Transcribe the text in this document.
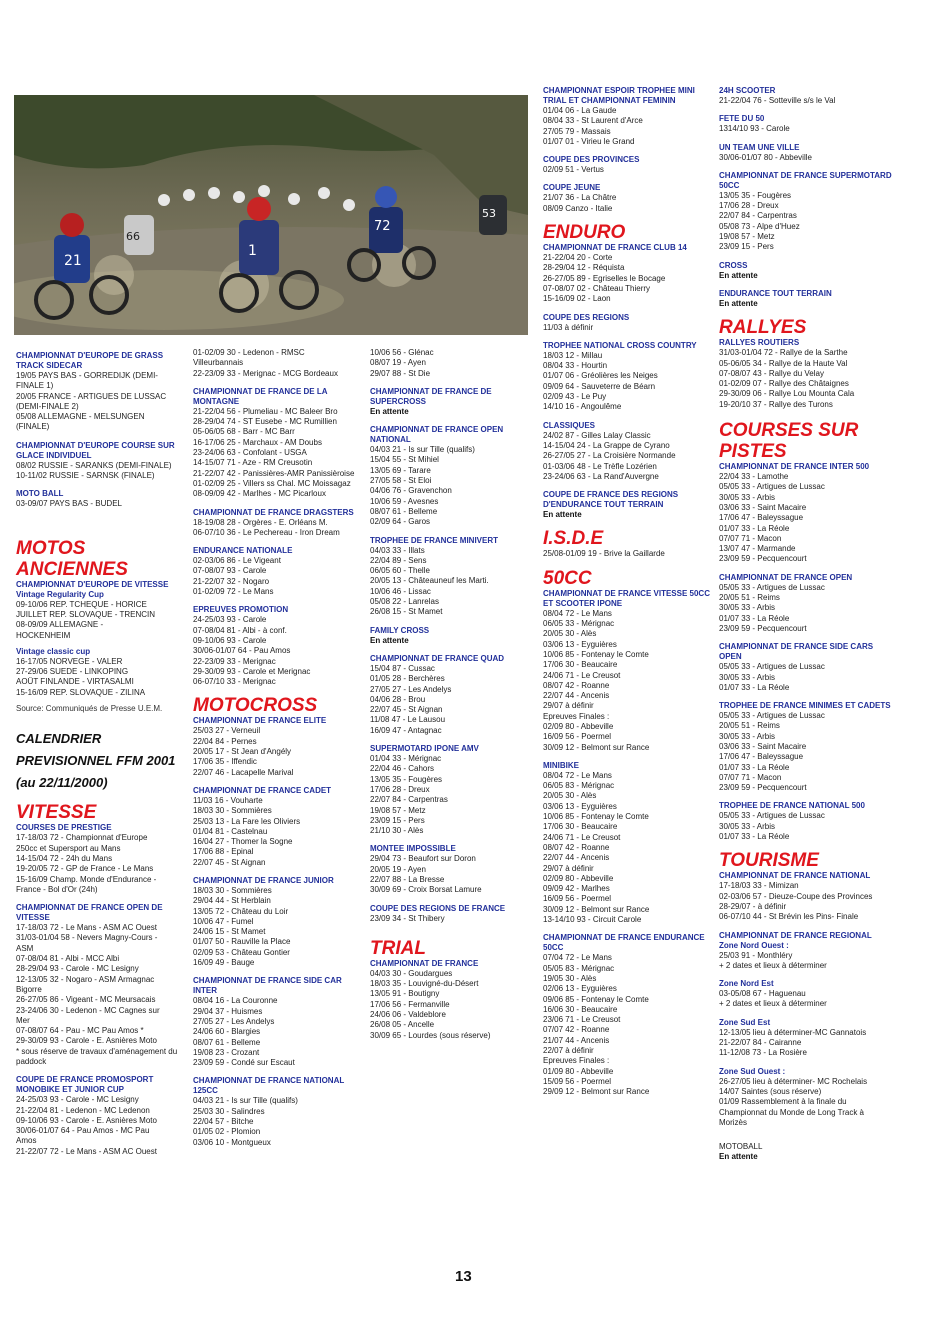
21
1
72
66
53
CHAMPIONNAT D'EUROPE DE GRASS TRACK SIDECAR
19/05 PAYS BAS - GORREDIJK (DEMI-
FINALE 1)
20/05 FRANCE - ARTIGUES DE LUSSAC
(DEMI-FINALE 2)
05/08 ALLEMAGNE - MELSUNGEN
(FINALE)
CHAMPIONNAT D'EUROPE COURSE SUR GLACE INDIVIDUEL
08/02 RUSSIE - SARANKS (DEMI-FINALE)
10-11/02 RUSSIE - SARNSK (FINALE)
MOTO BALL
03-09/07 PAYS BAS - BUDEL
MOTOS ANCIENNES
CHAMPIONNAT D'EUROPE DE VITESSE
Vintage Regularity Cup
09-10/06 REP. TCHEQUE - HORICE
JUILLET REP. SLOVAQUE - TRENCIN
08-09/09 ALLEMAGNE -
HOCKENHEIM
Vintage classic cup
16-17/05 NORVEGE - VALER
27-29/06 SUEDE - LINKOPING
AOÛT FINLANDE - VIRTASALMI
15-16/09 REP. SLOVAQUE - ZILINA
Source: Communiqués de Presse U.E.M.
CALENDRIER
PREVISIONNEL FFM 2001
(au 22/11/2000)
VITESSE
COURSES DE PRESTIGE
17-18/03 72 - Championnat d'Europe
250cc et Supersport au Mans
14-15/04 72 - 24h du Mans
19-20/05 72 - GP de France - Le Mans
15-16/09 Champ. Monde d'Endurance -
France - Bol d'Or (24h)
CHAMPIONNAT DE FRANCE OPEN DE VITESSE
17-18/03 72 - Le Mans - ASM AC Ouest
31/03-01/04 58 - Nevers Magny-Cours -
ASM
07-08/04 81 - Albi - MCC Albi
28-29/04 93 - Carole - MC Lesigny
12-13/05 32 - Nogaro - ASM Armagnac
Bigorre
26-27/05 86 - Vigeant - MC Meursacais
23-24/06 30 - Ledenon - MC Cagnes sur
Mer
07-08/07 64 - Pau - MC Pau Amos *
29-30/09 93 - Carole - E. Asnières Moto
* sous réserve de travaux d'aménagement du
paddock
COUPE DE FRANCE PROMOSPORT MONOBIKE ET JUNIOR CUP
24-25/03 93 - Carole - MC Lesigny
21-22/04 81 - Ledenon - MC Ledenon
09-10/06 93 - Carole - E. Asnières Moto
30/06-01/07 64 - Pau Amos - MC Pau
Amos
21-22/07 72 - Le Mans - ASM AC Ouest
01-02/09 30 - Ledenon - RMSC
Villeurbannais
22-23/09 33 - Merignac - MCG Bordeaux
CHAMPIONNAT DE FRANCE DE LA MONTAGNE
21-22/04 56 - Plumeliau - MC Baleer Bro
28-29/04 74 - ST Eusebe - MC Rumillien
05-06/05 68 - Barr - MC Barr
16-17/06 25 - Marchaux - AM Doubs
23-24/06 63 - Confolant - USGA
14-15/07 71 - Aze - RM Creusotin
21-22/07 42 - Panissières-AMR Panissièroise
01-02/09 25 - Villers ss Chal. MC Moissagaz
08-09/09 42 - Marlhes - MC Picarloux
CHAMPIONNAT DE FRANCE DRAGSTERS
18-19/08 28 - Orgères - E. Orléans M.
06-07/10 36 - Le Pechereau - Iron Dream
ENDURANCE NATIONALE
02-03/06 86 - Le Vigeant
07-08/07 93 - Carole
21-22/07 32 - Nogaro
01-02/09 72 - Le Mans
EPREUVES PROMOTION
24-25/03 93 - Carole
07-08/04 81 - Albi - à conf.
09-10/06 93 - Carole
30/06-01/07 64 - Pau Amos
22-23/09 33 - Merignac
29-30/09 93 - Carole et Merignac
06-07/10 33 - Merignac
MOTOCROSS
CHAMPIONNAT DE FRANCE ELITE
25/03 27 - Verneuil
22/04 84 - Pernes
20/05 17 - St Jean d'Angély
17/06 35 - Iffendic
22/07 46 - Lacapelle Marival
CHAMPIONNAT DE FRANCE CADET
11/03 16 - Vouharte
18/03 30 - Sommières
25/03 13 - La Fare les Oliviers
01/04 81 - Castelnau
16/04 27 - Thomer la Sogne
17/06 88 - Epinal
22/07 45 - St Aignan
CHAMPIONNAT DE FRANCE JUNIOR
18/03 30 - Sommières
29/04 44 - St Herblain
13/05 72 - Château du Loir
10/06 47 - Fumel
24/06 15 - St Mamet
01/07 50 - Rauville la Place
02/09 53 - Château Gontier
16/09 49 - Bauge
CHAMPIONNAT DE FRANCE SIDE CAR INTER
08/04 16 - La Couronne
29/04 37 - Huismes
27/05 27 - Les Andelys
24/06 60 - Blargies
08/07 61 - Belleme
19/08 23 - Crozant
23/09 59 - Condé sur Escaut
CHAMPIONNAT DE FRANCE NATIONAL 125CC
04/03 21 - Is sur Tille (qualifs)
25/03 30 - Salindres
22/04 57 - Bitche
01/05 02 - Plomion
03/06 10 - Montgueux
10/06 56 - Glénac
08/07 19 - Ayen
29/07 88 - St Die
CHAMPIONNAT DE FRANCE DE SUPERCROSS
En attente
CHAMPIONNAT DE FRANCE OPEN NATIONAL
04/03 21 - Is sur Tille (qualifs)
15/04 55 - St Mihiel
13/05 69 - Tarare
27/05 58 - St Eloi
04/06 76 - Gravenchon
10/06 59 - Avesnes
08/07 61 - Belleme
02/09 64 - Garos
TROPHEE DE FRANCE MINIVERT
04/03 33 - Illats
22/04 89 - Sens
06/05 60 - Thelle
20/05 13 - Châteauneuf les Marti.
10/06 46 - Lissac
05/08 22 - Lanrelas
26/08 15 - St Mamet
FAMILY CROSS
En attente
CHAMPIONNAT DE FRANCE QUAD
15/04 87 - Cussac
01/05 28 - Berchères
27/05 27 - Les Andelys
04/06 28 - Brou
22/07 45 - St Aignan
11/08 47 - Le Lausou
16/09 47 - Antagnac
SUPERMOTARD IPONE AMV
01/04 33 - Mérignac
22/04 46 - Cahors
13/05 35 - Fougères
17/06 28 - Dreux
22/07 84 - Carpentras
19/08 57 - Metz
23/09 15 - Pers
21/10 30 - Alès
MONTEE IMPOSSIBLE
29/04 73 - Beaufort sur Doron
20/05 19 - Ayen
22/07 88 - La Bresse
30/09 69 - Croix Borsat Lamure
COUPE DES REGIONS DE FRANCE
23/09 34 - St Thibery
TRIAL
CHAMPIONNAT DE FRANCE
04/03 30 - Goudargues
18/03 35 - Louvigné-du-Désert
13/05 91 - Boutigny
17/06 56 - Fermanville
24/06 06 - Valdeblore
26/08 05 - Ancelle
30/09 65 - Lourdes (sous réserve)
CHAMPIONNAT ESPOIR TROPHEE MINI TRIAL ET CHAMPIONNAT FEMININ
01/04 06 - La Gaude
08/04 33 - St Laurent d'Arce
27/05 79 - Massais
01/07 01 - Virieu le Grand
COUPE DES PROVINCES
02/09 51 - Vertus
COUPE JEUNE
21/07 36 - La Châtre
08/09 Canzo - Italie
ENDURO
CHAMPIONNAT DE FRANCE CLUB 14
21-22/04 20 - Corte
28-29/04 12 - Réquista
26-27/05 89 - Egriselles le Bocage
07-08/07 02 - Château Thierry
15-16/09 02 - Laon
COUPE DES REGIONS
11/03 à définir
TROPHEE NATIONAL CROSS COUNTRY
18/03 12 - Millau
08/04 33 - Hourtin
01/07 06 - Gréolières les Neiges
09/09 64 - Sauveterre de Béarn
02/09 43 - Le Puy
14/10 16 - Angoulême
CLASSIQUES
24/02 87 - Gilles Lalay Classic
14-15/04 24 - La Grappe de Cyrano
26-27/05 27 - La Croisière Normande
01-03/06 48 - Le Trèfle Lozérien
23-24/06 63 - La Rand'Auvergne
COUPE DE FRANCE DES REGIONS D'ENDURANCE TOUT TERRAIN
En attente
I.S.D.E
25/08-01/09 19 - Brive la Gaillarde
50CC
CHAMPIONNAT DE FRANCE VITESSE 50CC ET SCOOTER IPONE
08/04 72 - Le Mans
06/05 33 - Mérignac
20/05 30 - Alès
03/06 13 - Eyguières
10/06 85 - Fontenay le Comte
17/06 30 - Beaucaire
24/06 71 - Le Creusot
08/07 42 - Roanne
22/07 44 - Ancenis
29/07 à définir
Epreuves Finales :
02/09 80 - Abbeville
16/09 56 - Poermel
30/09 12 - Belmont sur Rance
MINIBIKE
08/04 72 - Le Mans
06/05 83 - Mérignac
20/05 30 - Alès
03/06 13 - Eyguières
10/06 85 - Fontenay le Comte
17/06 30 - Beaucaire
24/06 71 - Le Creusot
08/07 42 - Roanne
22/07 44 - Ancenis
29/07 à définir
02/09 80 - Abbeville
09/09 42 - Marlhes
16/09 56 - Poermel
30/09 12 - Belmont sur Rance
13-14/10 93 - Circuit Carole
CHAMPIONNAT DE FRANCE ENDURANCE 50CC
07/04 72 - Le Mans
05/05 83 - Mérignac
19/05 30 - Alès
02/06 13 - Eyguières
09/06 85 - Fontenay le Comte
16/06 30 - Beaucaire
23/06 71 - Le Creusot
07/07 42 - Roanne
21/07 44 - Ancenis
22/07 à définir
Epreuves Finales :
01/09 80 - Abbeville
15/09 56 - Poermel
29/09 12 - Belmont sur Rance
24H SCOOTER
21-22/04 76 - Sotteville s/s le Val
FETE DU 50
1314/10 93 - Carole
UN TEAM UNE VILLE
30/06-01/07 80 - Abbeville
CHAMPIONNAT DE FRANCE SUPERMOTARD 50CC
13/05 35 - Fougères
17/06 28 - Dreux
22/07 84 - Carpentras
05/08 73 - Alpe d'Huez
19/08 57 - Metz
23/09 15 - Pers
CROSS
En attente
ENDURANCE TOUT TERRAIN
En attente
RALLYES
RALLYES ROUTIERS
31/03-01/04 72 - Rallye de la Sarthe
05-06/05 34 - Rallye de la Haute Val
07-08/07 43 - Rallye du Velay
01-02/09 07 - Rallye des Châtaignes
29-30/09 06 - Rallye Lou Mounta Cala
19-20/10 37 - Rallye des Turons
COURSES SUR PISTES
CHAMPIONNAT DE FRANCE INTER 500
22/04 33 - Lamothe
05/05 33 - Artigues de Lussac
30/05 33 - Arbis
03/06 33 - Saint Macaire
17/06 47 - Baleyssague
01/07 33 - La Réole
07/07 71 - Macon
13/07 47 - Marmande
23/09 59 - Pecquencourt
CHAMPIONNAT DE FRANCE OPEN
05/05 33 - Artigues de Lussac
20/05 51 - Reims
30/05 33 - Arbis
01/07 33 - La Réole
23/09 59 - Pecquencourt
CHAMPIONNAT DE FRANCE SIDE CARS OPEN
05/05 33 - Artigues de Lussac
30/05 33 - Arbis
01/07 33 - La Réole
TROPHEE DE FRANCE MINIMES ET CADETS
05/05 33 - Artigues de Lussac
20/05 51 - Reims
30/05 33 - Arbis
03/06 33 - Saint Macaire
17/06 47 - Baleyssague
01/07 33 - La Réole
07/07 71 - Macon
23/09 59 - Pecquencourt
TROPHEE DE FRANCE NATIONAL 500
05/05 33 - Artigues de Lussac
30/05 33 - Arbis
01/07 33 - La Réole
TOURISME
CHAMPIONNAT DE FRANCE NATIONAL
17-18/03 33 - Mimizan
02-03/06 57 - Dieuze-Coupe des Provinces
28-29/07 - à définir
06-07/10 44 - St Brévin les Pins- Finale
CHAMPIONNAT DE FRANCE REGIONAL
Zone Nord Ouest :
25/03 91 - Monthléry
+ 2 dates et lieux à déterminer
Zone Nord Est
03-05/08 67 - Haguenau
+ 2 dates et lieux à déterminer
Zone Sud Est
12-13/05 lieu à déterminer-MC Gannatois
21-22/07 84 - Cairanne
11-12/08 73 - La Rosière
Zone Sud Ouest :
26-27/05 lieu à déterminer- MC Rochelais
14/07 Saintes (sous réserve)
01/09 Rassemblement à la finale du
Championnat du Monde de Long Track à
Morizès
MOTOBALL
En attente
13
